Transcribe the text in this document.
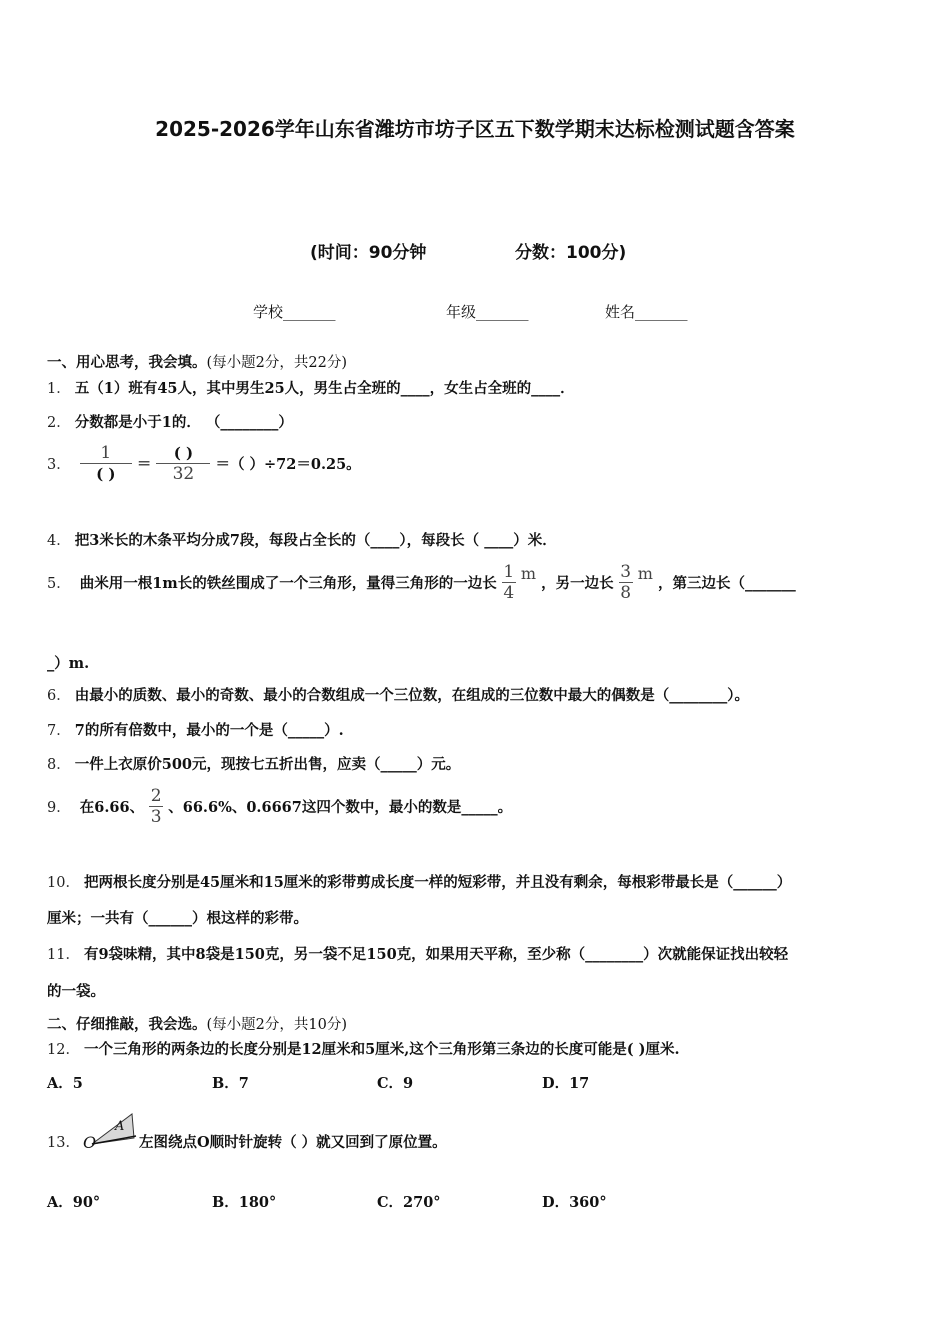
2025-2026学年山东省潍坊市坊子区五下数学期末达标检测试题含答案
(时间：90分钟	分数：100分)
学校_______	年级_______	姓名_______
一、用心思考，我会填。(每小题2分，共22分)
1． 五（1）班有45人，其中男生25人，男生占全班的____，女生占全班的____．
2． 分数都是小于1的． （________）
3． $\frac{1}{( )} = \frac{( )}{32}$ ＝（ ）÷72＝0.25。
4． 把3米长的木条平均分成7段，每段占全长的（____），每段长（ ____）米．
5． 曲米用一根1m长的铁丝围成了一个三角形，量得三角形的一边长 $\frac{1}{4}$ m ，另一边长 $\frac{3}{8}$ m ，第三边长（_______
_）m.
6． 由最小的质数、最小的奇数、最小的合数组成一个三位数，在组成的三位数中最大的偶数是（________）。
7． 7的所有倍数中，最小的一个是（_____）.
8． 一件上衣原价500元，现按七五折出售，应卖（_____）元。
9． 在6.66、 $\frac{2}{3}$ 、66.6%、0.6667这四个数中，最小的数是_____。
10． 把两根长度分别是45厘米和15厘米的彩带剪成长度一样的短彩带，并且没有剩余，每根彩带最长是（______）
厘米；一共有（______）根这样的彩带。
11． 有9袋味精，其中8袋是150克，另一袋不足150克，如果用天平称，至少称（________）次就能保证找出较轻
的一袋。
二、仔细推敲，我会选。(每小题2分，共10分)
12． 一个三角形的两条边的长度分别是12厘米和5厘米,这个三角形第三条边的长度可能是( )厘米.
A．5	B．7	C．9	D．17
13．
A
O	左图绕点O顺时针旋转（ ）就又回到了原位置。
A．90°	B．180°	C．270°	D．360°
